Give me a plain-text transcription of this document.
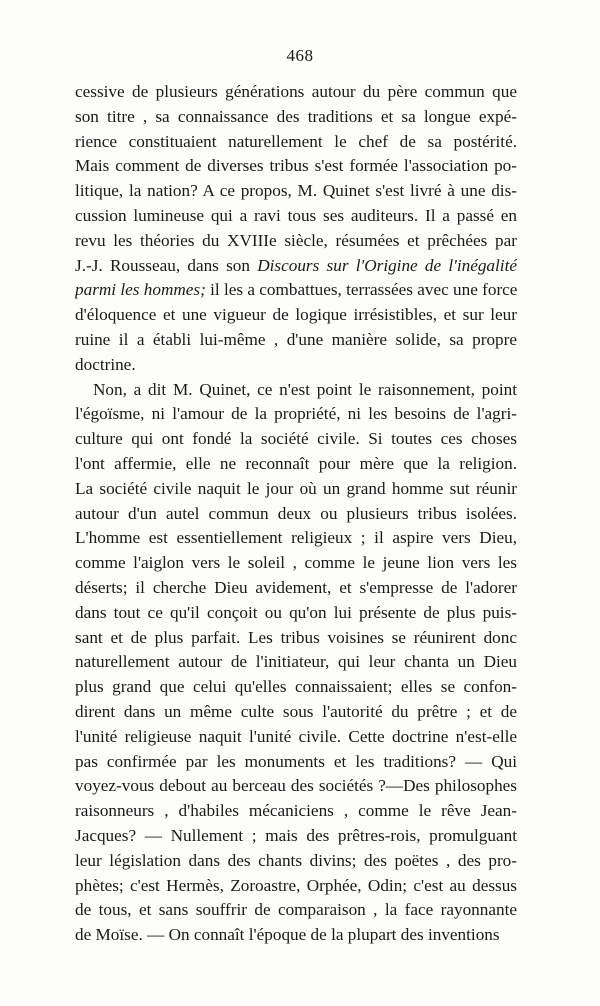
468
cessive de plusieurs générations autour du père commun que
son titre , sa connaissance des traditions et sa longue expé-
rience constituaient naturellement le chef de sa postérité.
Mais comment de diverses tribus s'est formée l'association po-
litique, la nation? A ce propos, M. Quinet s'est livré à une dis-
cussion lumineuse qui a ravi tous ses auditeurs. Il a passé en
revu les théories du XVIIIe siècle, résumées et prêchées par
J.-J. Rousseau, dans son Discours sur l'Origine de l'inégalité
parmi les hommes; il les a combattues, terrassées avec une force
d'éloquence et une vigueur de logique irrésistibles, et sur leur
ruine il a établi lui-même , d'une manière solide, sa propre
doctrine.
Non, a dit M. Quinet, ce n'est point le raisonnement, point
l'égoïsme, ni l'amour de la propriété, ni les besoins de l'agri-
culture qui ont fondé la société civile. Si toutes ces choses
l'ont affermie, elle ne reconnaît pour mère que la religion.
La société civile naquit le jour où un grand homme sut réunir
autour d'un autel commun deux ou plusieurs tribus isolées.
L'homme est essentiellement religieux ; il aspire vers Dieu,
comme l'aiglon vers le soleil , comme le jeune lion vers les
déserts; il cherche Dieu avidement, et s'empresse de l'adorer
dans tout ce qu'il conçoit ou qu'on lui présente de plus puis-
sant et de plus parfait. Les tribus voisines se réunirent donc
naturellement autour de l'initiateur, qui leur chanta un Dieu
plus grand que celui qu'elles connaissaient; elles se confon-
dirent dans un même culte sous l'autorité du prêtre ; et de
l'unité religieuse naquit l'unité civile. Cette doctrine n'est-elle
pas confirmée par les monuments et les traditions? — Qui
voyez-vous debout au berceau des sociétés ?—Des philosophes
raisonneurs , d'habiles mécaniciens , comme le rêve Jean-
Jacques? — Nullement ; mais des prêtres-rois, promulguant
leur législation dans des chants divins; des poëtes , des pro-
phètes; c'est Hermès, Zoroastre, Orphée, Odin; c'est au dessus
de tous, et sans souffrir de comparaison , la face rayonnante
de Moïse. — On connaît l'époque de la plupart des inventions
